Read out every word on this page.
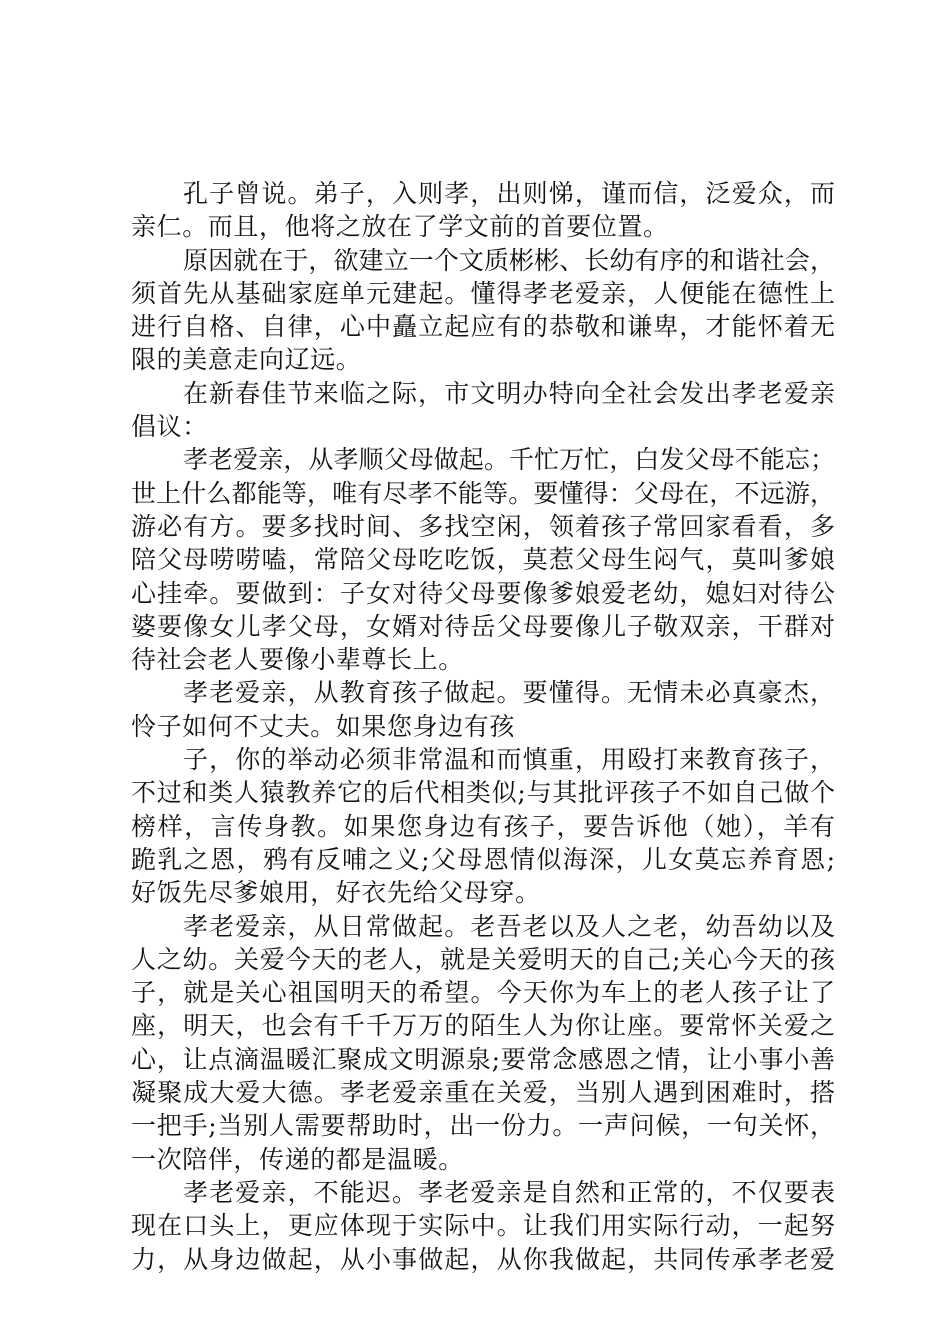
孔子曾说。弟子，入则孝，出则悌，谨而信，泛爱众，而
亲仁。而且，他将之放在了学文前的首要位置。
原因就在于，欲建立一个文质彬彬、长幼有序的和谐社会，
须首先从基础家庭单元建起。懂得孝老爱亲，人便能在德性上
进行自格、自律，心中矗立起应有的恭敬和谦卑，才能怀着无
限的美意走向辽远。
在新春佳节来临之际，市文明办特向全社会发出孝老爱亲
倡议：
孝老爱亲，从孝顺父母做起。千忙万忙，白发父母不能忘；
世上什么都能等，唯有尽孝不能等。要懂得：父母在，不远游，
游必有方。要多找时间、多找空闲，领着孩子常回家看看，多
陪父母唠唠嗑，常陪父母吃吃饭，莫惹父母生闷气，莫叫爹娘
心挂牵。要做到：子女对待父母要像爹娘爱老幼，媳妇对待公
婆要像女儿孝父母，女婿对待岳父母要像儿子敬双亲，干群对
待社会老人要像小辈尊长上。
孝老爱亲，从教育孩子做起。要懂得。无情未必真豪杰，
怜子如何不丈夫。如果您身边有孩
子，你的举动必须非常温和而慎重，用殴打来教育孩子，
不过和类人猿教养它的后代相类似;与其批评孩子不如自己做个
榜样，言传身教。如果您身边有孩子，要告诉他（她），羊有
跪乳之恩，鸦有反哺之义;父母恩情似海深，儿女莫忘养育恩;
好饭先尽爹娘用，好衣先给父母穿。
孝老爱亲，从日常做起。老吾老以及人之老，幼吾幼以及
人之幼。关爱今天的老人，就是关爱明天的自己;关心今天的孩
子，就是关心祖国明天的希望。今天你为车上的老人孩子让了
座，明天，也会有千千万万的陌生人为你让座。要常怀关爱之
心，让点滴温暖汇聚成文明源泉;要常念感恩之情，让小事小善
凝聚成大爱大德。孝老爱亲重在关爱，当别人遇到困难时，搭
一把手;当别人需要帮助时，出一份力。一声问候，一句关怀，
一次陪伴，传递的都是温暖。
孝老爱亲，不能迟。孝老爱亲是自然和正常的，不仅要表
现在口头上，更应体现于实际中。让我们用实际行动，一起努
力，从身边做起，从小事做起，从你我做起，共同传承孝老爱
